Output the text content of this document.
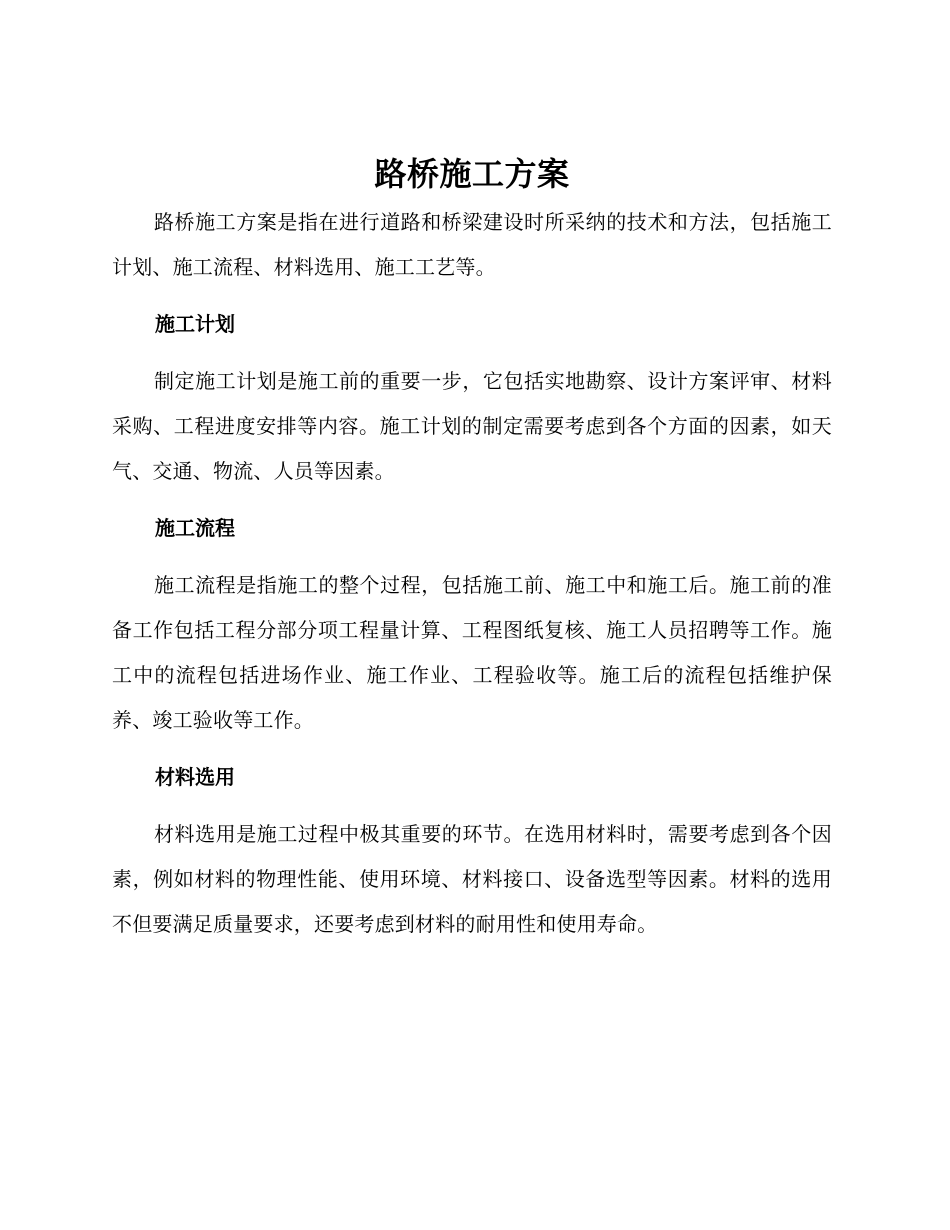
路桥施工方案

路桥施工方案是指在进行道路和桥梁建设时所采纳的技术和方法，包括施工计划、施工流程、材料选用、施工工艺等。

施工计划

制定施工计划是施工前的重要一步，它包括实地勘察、设计方案评审、材料采购、工程进度安排等内容。施工计划的制定需要考虑到各个方面的因素，如天气、交通、物流、人员等因素。

施工流程

施工流程是指施工的整个过程，包括施工前、施工中和施工后。施工前的准备工作包括工程分部分项工程量计算、工程图纸复核、施工人员招聘等工作。施工中的流程包括进场作业、施工作业、工程验收等。施工后的流程包括维护保养、竣工验收等工作。

材料选用

材料选用是施工过程中极其重要的环节。在选用材料时，需要考虑到各个因素，例如材料的物理性能、使用环境、材料接口、设备选型等因素。材料的选用不但要满足质量要求，还要考虑到材料的耐用性和使用寿命。
